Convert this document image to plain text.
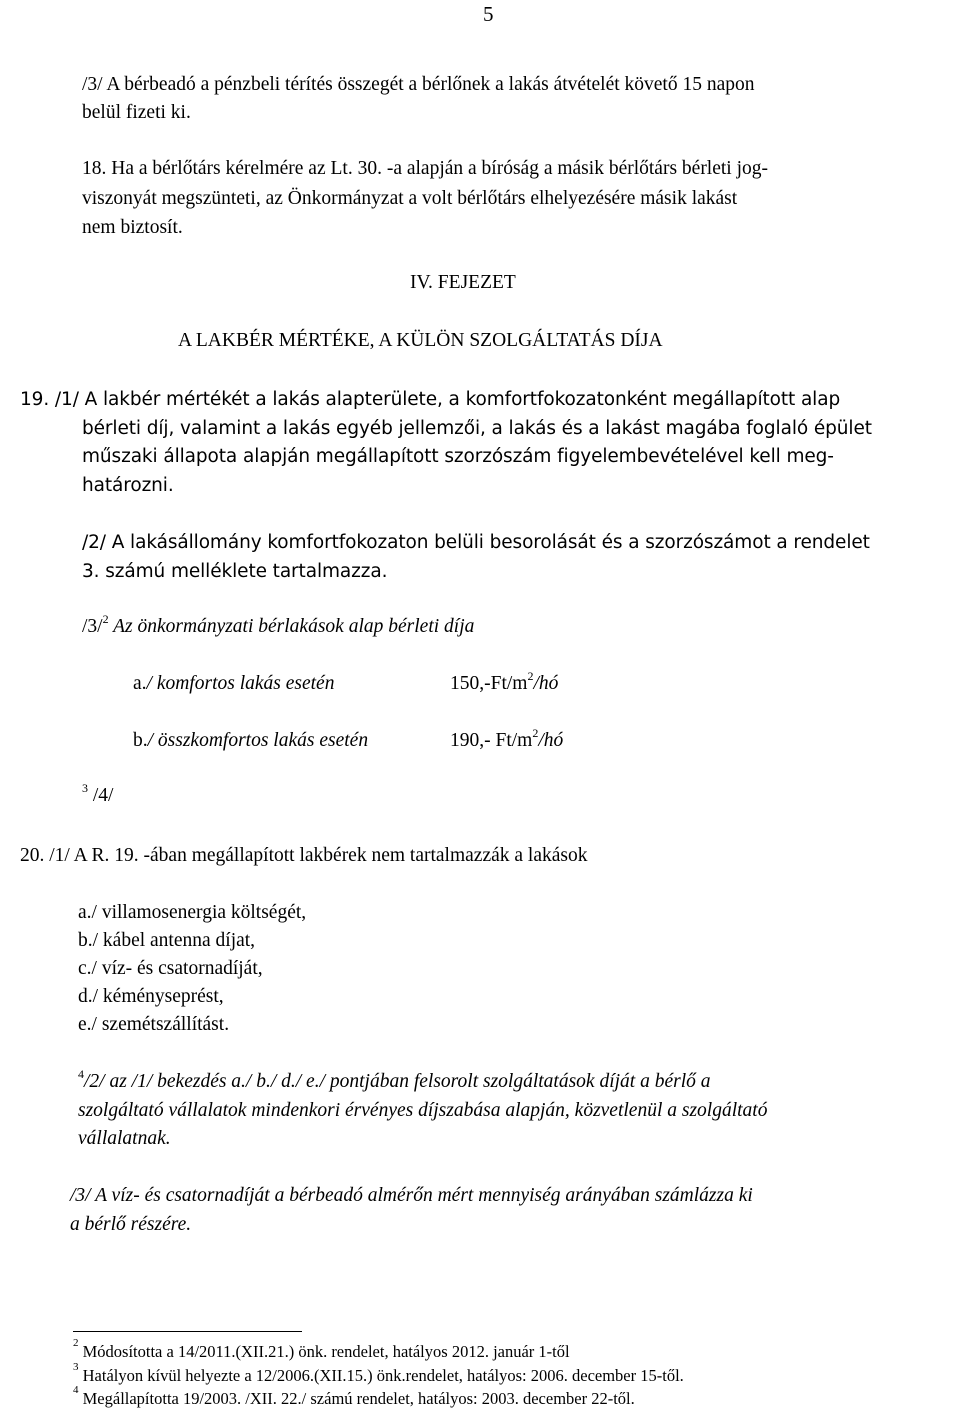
5
/3/ A bérbeadó a pénzbeli térítés összegét a bérlőnek a lakás átvételét követő 15 napon
belül fizeti ki.
18. Ha a bérlőtárs kérelmére az Lt. 30. -a alapján a bíróság a másik bérlőtárs bérleti jog-
viszonyát megszünteti, az Önkormányzat a volt bérlőtárs elhelyezésére másik lakást
nem biztosít.
IV. FEJEZET
A LAKBÉR MÉRTÉKE, A KÜLÖN SZOLGÁLTATÁS DÍJA
19. /1/ A lakbér mértékét a lakás alapterülete, a komfortfokozatonként megállapított alap
bérleti díj, valamint a lakás egyéb jellemzői, a lakás és a lakást magába foglaló épület
műszaki állapota alapján megállapított szorzószám figyelembevételével kell meg-
határozni.
/2/ A lakásállomány komfortfokozaton belüli besorolását és a szorzószámot a rendelet
3. számú melléklete tartalmazza.
/3/$^2$ Az önkormányzati bérlakások alap bérleti díja
a./ komfortos lakás esetén	$150,-Ft/m^2/hó$
b./ összkomfortos lakás esetén	190,- $Ft/m^2/hó$
$^3$ /4/
20. /1/ A R. 19. -ában megállapított lakbérek nem tartalmazzák a lakások
a./ villamosenergia költségét,
b./ kábel antenna díjat,
c./ víz- és csatornadíját,
d./ kéményseprést,
e./ szemétszállítást.
$^4$/2/ az /1/ bekezdés a./ b./ d./ e./ pontjában felsorolt szolgáltatások díját a bérlő a
szolgáltató vállalatok mindenkori érvényes díjszabása alapján, közvetlenül a szolgáltató
vállalatnak.
/3/ A víz- és csatornadíját a bérbeadó almérőn mért mennyiség arányában számlázza ki
a bérlő részére.
$^2$ Módosította a 14/2011.(XII.21.) önk. rendelet, hatályos 2012. január 1-től
$^3$ Hatályon kívül helyezte a 12/2006.(XII.15.) önk.rendelet, hatályos: 2006. december 15-től.
$^4$ Megállapította 19/2003. /XII. 22./ számú rendelet, hatályos: 2003. december 22-től.
